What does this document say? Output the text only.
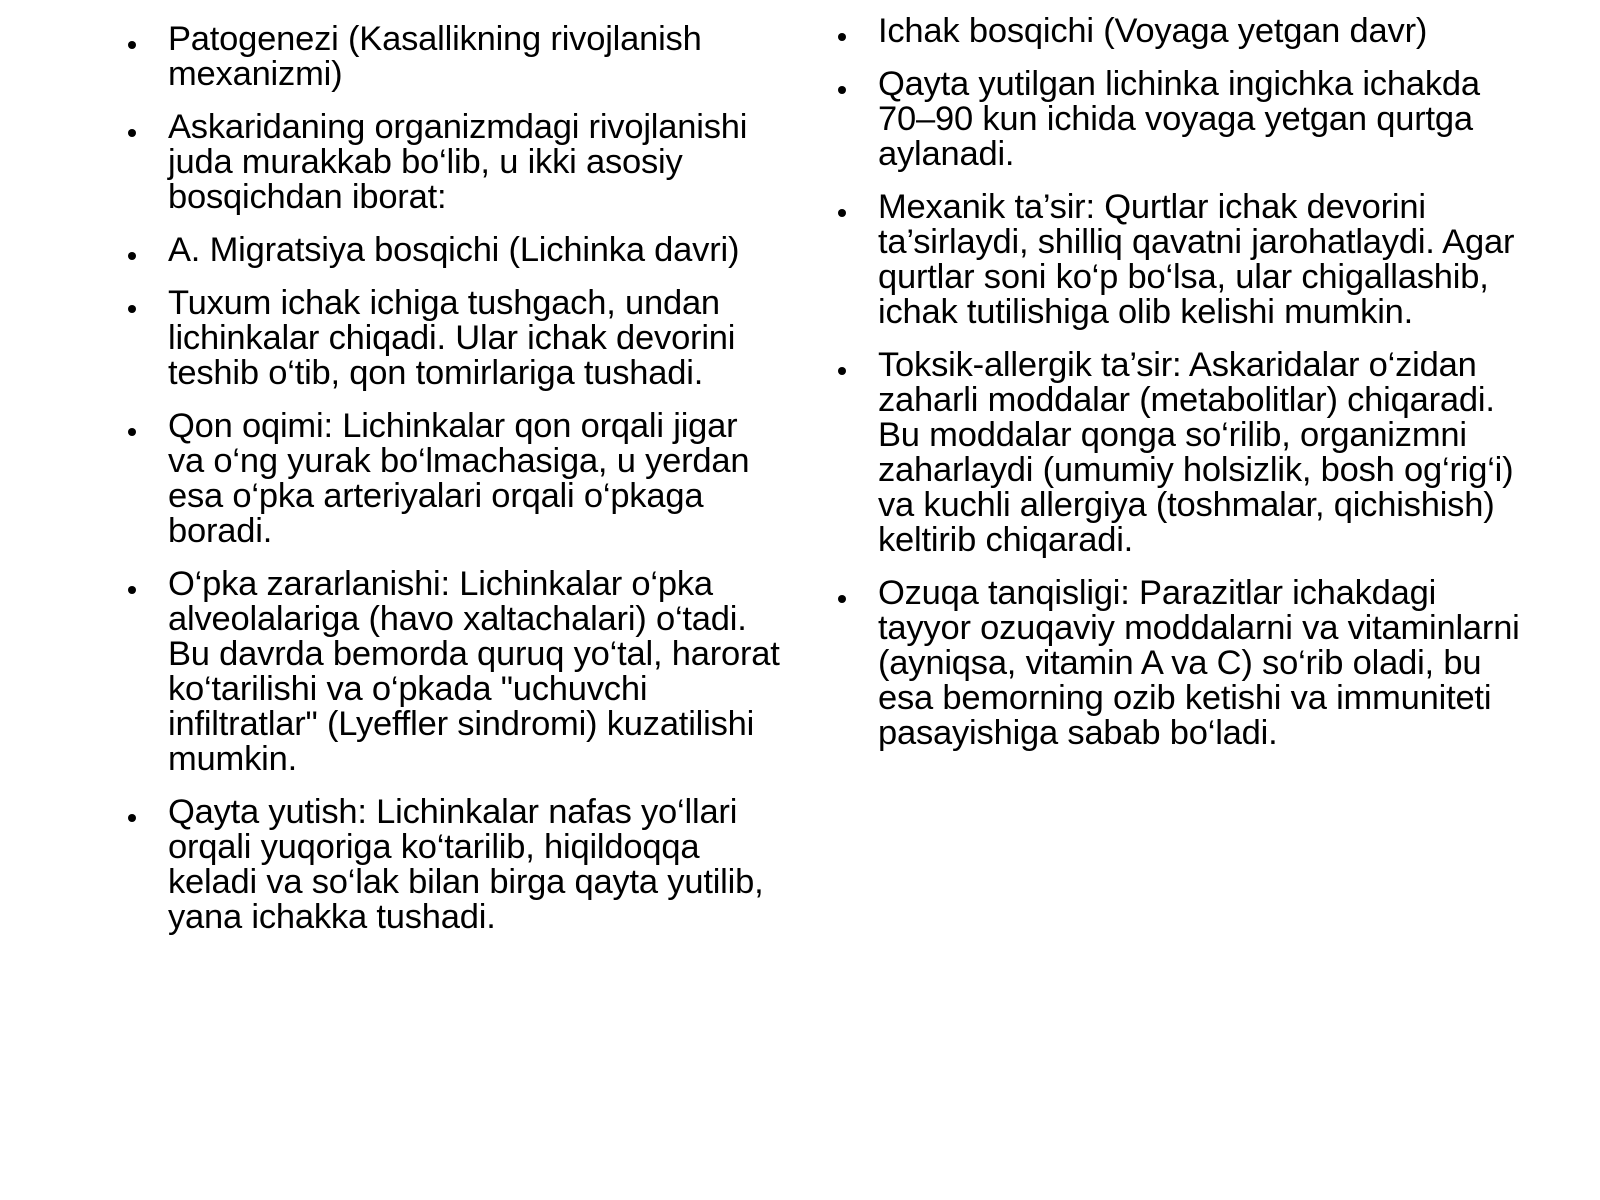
Patogenezi (Kasallikning rivojlanish mexanizmi)
Askaridaning organizmdagi rivojlanishi juda murakkab bo‘lib, u ikki asosiy bosqichdan iborat:
A. Migratsiya bosqichi (Lichinka davri)
Tuxum ichak ichiga tushgach, undan lichinkalar chiqadi. Ular ichak devorini teshib o‘tib, qon tomirlariga tushadi.
Qon oqimi: Lichinkalar qon orqali jigar va o‘ng yurak bo‘lmachasiga, u yerdan esa o‘pka arteriyalari orqali o‘pkaga boradi.
O‘pka zararlanishi: Lichinkalar o‘pka alveolalariga (havo xaltachalari) o‘tadi. Bu davrda bemorda quruq yo‘tal, harorat ko‘tarilishi va o‘pkada "uchuvchi infiltratlar" (Lyeffler sindromi) kuzatilishi mumkin.
Qayta yutish: Lichinkalar nafas yo‘llari orqali yuqoriga ko‘tarilib, hiqildoqqa keladi va so‘lak bilan birga qayta yutilib, yana ichakka tushadi.
Ichak bosqichi (Voyaga yetgan davr)
Qayta yutilgan lichinka ingichka ichakda 70–90 kun ichida voyaga yetgan qurtga aylanadi.
Mexanik ta’sir: Qurtlar ichak devorini ta’sirlaydi, shilliq qavatni jarohatlaydi. Agar qurtlar soni ko‘p bo‘lsa, ular chigallashib, ichak tutilishiga olib kelishi mumkin.
Toksik-allergik ta’sir: Askaridalar o‘zidan zaharli moddalar (metabolitlar) chiqaradi. Bu moddalar qonga so‘rilib, organizmni zaharlaydi (umumiy holsizlik, bosh og‘rig‘i) va kuchli allergiya (toshmalar, qichishish) keltirib chiqaradi.
Ozuqa tanqisligi: Parazitlar ichakdagi tayyor ozuqaviy moddalarni va vitaminlarni (ayniqsa, vitamin A va C) so‘rib oladi, bu esa bemorning ozib ketishi va immuniteti pasayishiga sabab bo‘ladi.
